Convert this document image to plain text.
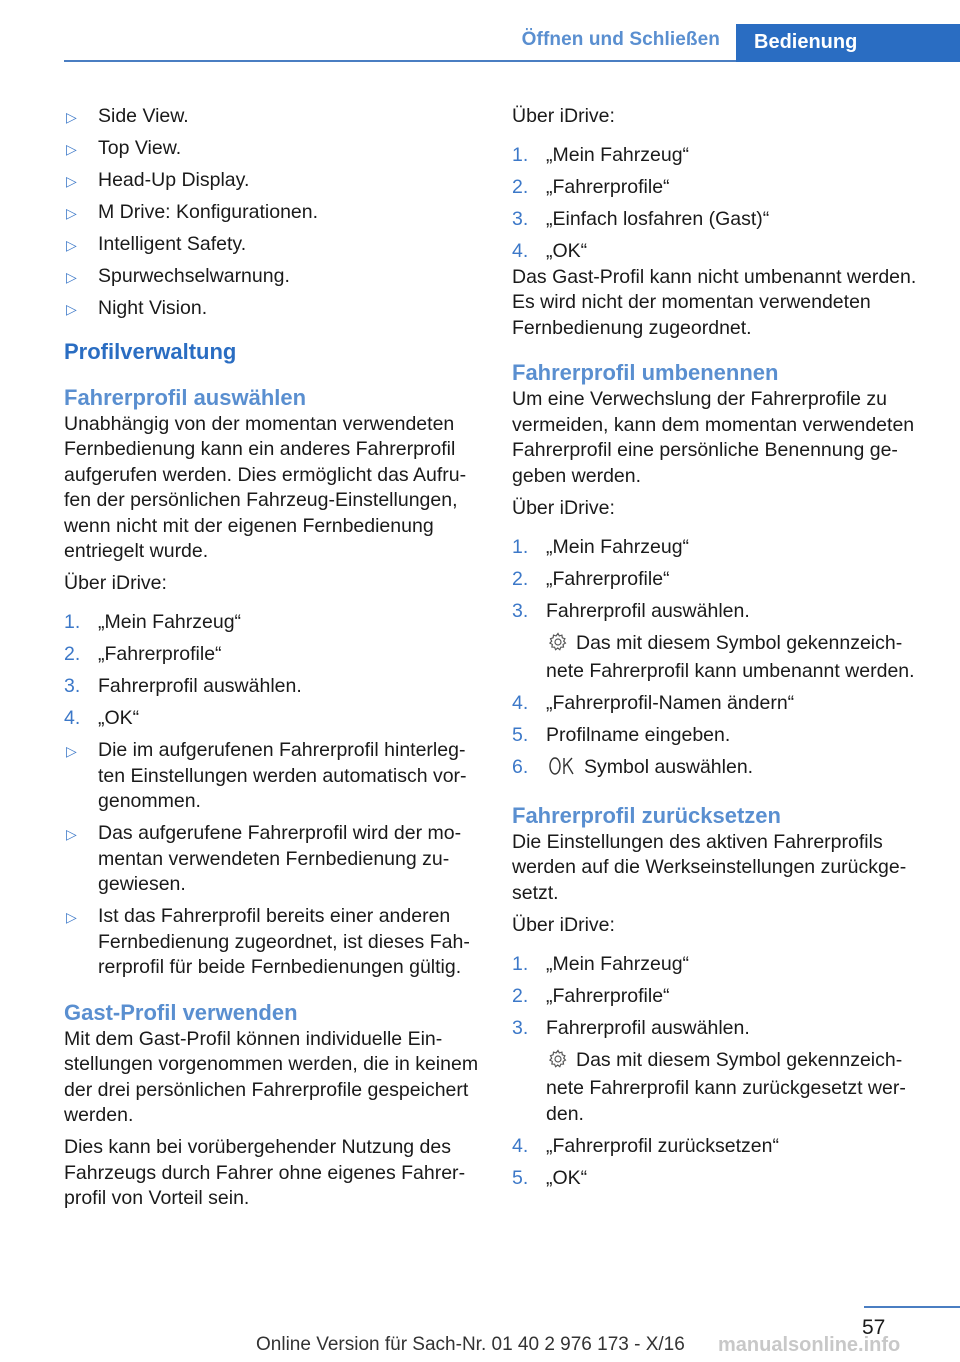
Öffnen und Schließen	Bedienung
▷ Side View.
▷ Top View.
▷ Head-Up Display.
▷ M Drive: Konfigurationen.
▷ Intelligent Safety.
▷ Spurwechselwarnung.
▷ Night Vision.
Profilverwaltung
Fahrerprofil auswählen

Unabhängig von der momentan verwendeten Fernbedienung kann ein anderes Fahrerprofil aufgerufen werden. Dies ermöglicht das Aufrufen der persönlichen Fahrzeug-Einstellungen, wenn nicht mit der eigenen Fernbedienung entriegelt wurde.

Über iDrive:

1. „Mein Fahrzeug“
2. „Fahrerprofile“
3. Fahrerprofil auswählen.
4. „OK“
▷ Die im aufgerufenen Fahrerprofil hinterlegten Einstellungen werden automatisch vorgenommen.
▷ Das aufgerufene Fahrerprofil wird der momentan verwendeten Fernbedienung zugewiesen.
▷ Ist das Fahrerprofil bereits einer anderen Fernbedienung zugeordnet, ist dieses Fahrerprofil für beide Fernbedienungen gültig.
Gast-Profil verwenden

Mit dem Gast-Profil können individuelle Einstellungen vorgenommen werden, die in keinem der drei persönlichen Fahrerprofile gespeichert werden.

Dies kann bei vorübergehender Nutzung des Fahrzeugs durch Fahrer ohne eigenes Fahrerprofil von Vorteil sein.

Über iDrive:

1. „Mein Fahrzeug“
2. „Fahrerprofile“
3. „Einfach losfahren (Gast)“
4. „OK“

Das Gast-Profil kann nicht umbenannt werden. Es wird nicht der momentan verwendeten Fernbedienung zugeordnet.

Fahrerprofil umbenennen

Um eine Verwechslung der Fahrerprofile zu vermeiden, kann dem momentan verwendeten Fahrerprofil eine persönliche Benennung gegeben werden.

Über iDrive:

1. „Mein Fahrzeug“
2. „Fahrerprofile“
3. Fahrerprofil auswählen.
Das mit diesem Symbol gekennzeichnete Fahrerprofil kann umbenannt werden.
4. „Fahrerprofil-Namen ändern“
5. Profilname eingeben.
6.	Symbol auswählen.
Fahrerprofil zurücksetzen

Die Einstellungen des aktiven Fahrerprofils werden auf die Werkseinstellungen zurückgesetzt.

Über iDrive:

1. „Mein Fahrzeug“
2. „Fahrerprofile“
3. Fahrerprofil auswählen.
Das mit diesem Symbol gekennzeichnete Fahrerprofil kann zurückgesetzt werden.
4. „Fahrerprofil zurücksetzen“
5. „OK“
57
Online Version für Sach-Nr. 01 40 2 976 173 - X/16 manualsonline.info
